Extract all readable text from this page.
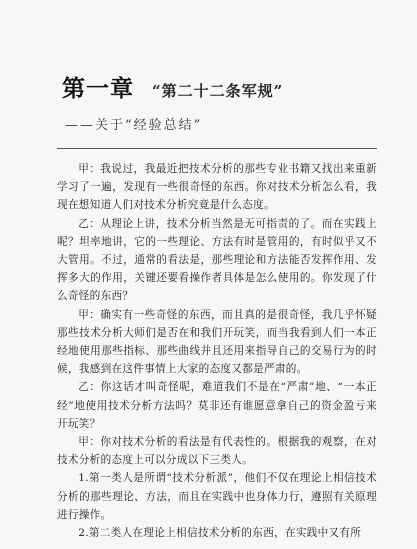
第一章 “第二十二条军规”
——关于“经验总结”

甲：我说过，我最近把技术分析的那些专业书籍又找出来重新学习了一遍，发现有一些很奇怪的东西。你对技术分析怎么看，我现在想知道人们对技术分析究竟是什么态度。

乙：从理论上讲，技术分析当然是无可指责的了。而在实践上呢？坦率地讲，它的一些理论、方法有时是管用的，有时似乎又不大管用。不过，通常的看法是，那些理论和方法能否发挥作用、发挥多大的作用，关键还要看操作者具体是怎么使用的。你发现了什么奇怪的东西？

甲：确实有一些奇怪的东西，而且真的是很奇怪，我几乎怀疑那些技术分析大师们是否在和我们开玩笑，而当我看到人们一本正经地使用那些指标、那些曲线并且还用来指导自己的交易行为的时候，我感到在这件事情上大家的态度又都是严肃的。

乙：你这话才叫奇怪呢，难道我们不是在“严肃”地、“一本正经”地使用技术分析方法吗？莫非还有谁愿意拿自己的资金盈亏来开玩笑？

甲：你对技术分析的看法是有代表性的。根据我的观察，在对技术分析的态度上可以分成以下三类人。

1.第一类人是所谓“技术分析派”，他们不仅在理论上相信技术分析的那些理论、方法，而且在实践中也身体力行，遵照有关原理进行操作。

2.第二类人在理论上相信技术分析的东西，在实践中又有所
